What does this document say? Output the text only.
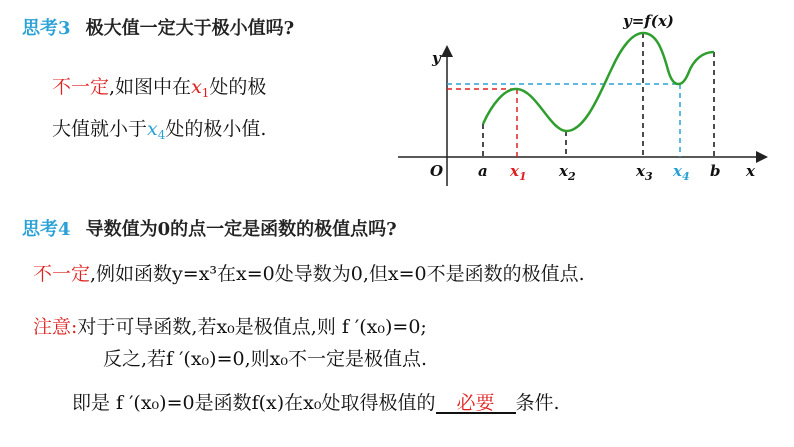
思考3 极大值一定大于极小值吗?
不一定,如图中在$x_1$处的极
大值就小于$x_4$处的极小值.
y=f(x)
y
x
O a $x_1$ $x_2$	$x_3$ $x_4$ b
思考4 导数值为0的点一定是函数的极值点吗?
不一定,例如函数y=x³在x=0处导数为0,但x=0不是函数的极值点.
注意:对于可导函数,若x₀是极值点,则 f ′(x₀)=0;
反之,若f ′(x₀)=0,则x₀不一定是极值点.
即是 f ′(x₀)=0是函数f(x)在x₀处取得极值的 必要 条件.
